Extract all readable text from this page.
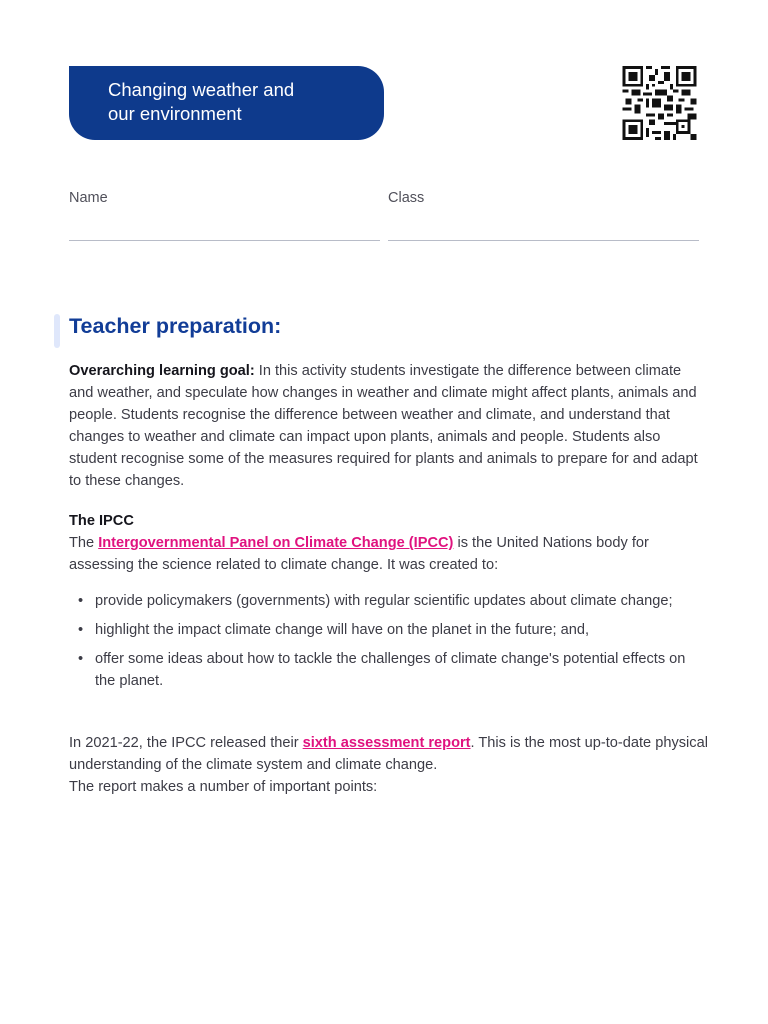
Changing weather and
our environment
Name	Class
Teacher preparation:

Overarching learning goal: In this activity students investigate the difference between climate and weather, and speculate how changes in weather and climate might affect plants, animals and people. Students recognise the difference between weather and climate, and understand that changes to weather and climate can impact upon plants, animals and people. Students also student recognise some of the measures required for plants and animals to prepare for and adapt to these changes.

The IPCC

The Intergovernmental Panel on Climate Change (IPCC) is the United Nations body for assessing the science related to climate change. It was created to:

• provide policymakers (governments) with regular scientific updates about climate change;
• highlight the impact climate change will have on the planet in the future; and,
• offer some ideas about how to tackle the challenges of climate change's potential effects on the planet.

In 2021-22, the IPCC released their sixth assessment report. This is the most up-to-date physical understanding of the climate system and climate change.
The report makes a number of important points:
